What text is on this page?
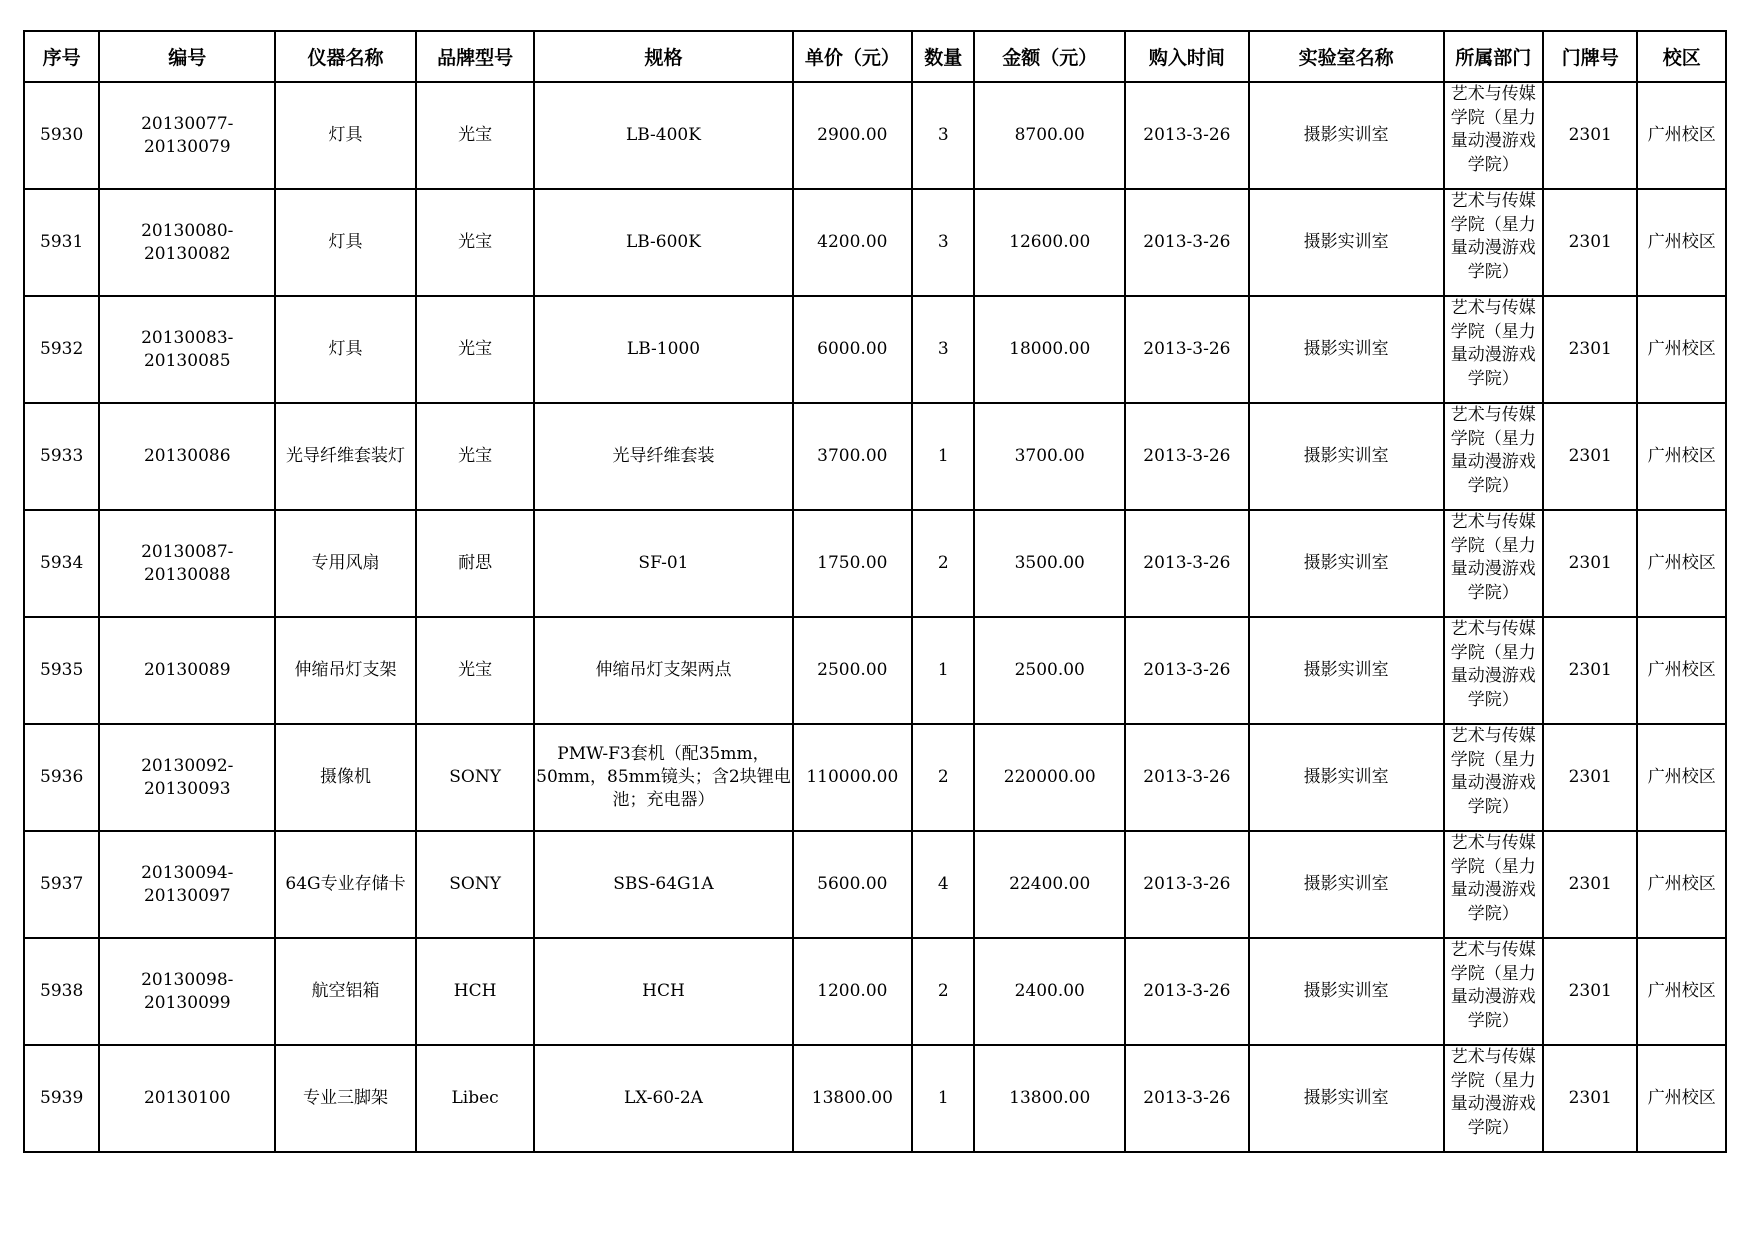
序号	编号	仪器名称	品牌型号	规格	单价（元）	数量	金额（元）	购入时间	实验室名称	所属部门	门牌号	校区
5930	20130077-20130079	灯具	光宝	LB-400K	2900.00	3	8700.00	2013-3-26	摄影实训室	艺术与传媒学院（星力量动漫游戏学院）	2301	广州校区
5931	20130080-20130082	灯具	光宝	LB-600K	4200.00	3	12600.00	2013-3-26	摄影实训室	艺术与传媒学院（星力量动漫游戏学院）	2301	广州校区
5932	20130083-20130085	灯具	光宝	LB-1000	6000.00	3	18000.00	2013-3-26	摄影实训室	艺术与传媒学院（星力量动漫游戏学院）	2301	广州校区
5933	20130086	光导纤维套装灯	光宝	光导纤维套装	3700.00	1	3700.00	2013-3-26	摄影实训室	艺术与传媒学院（星力量动漫游戏学院）	2301	广州校区
5934	20130087-20130088	专用风扇	耐思	SF-01	1750.00	2	3500.00	2013-3-26	摄影实训室	艺术与传媒学院（星力量动漫游戏学院）	2301	广州校区
5935	20130089	伸缩吊灯支架	光宝	伸缩吊灯支架两点	2500.00	1	2500.00	2013-3-26	摄影实训室	艺术与传媒学院（星力量动漫游戏学院）	2301	广州校区
5936	20130092-20130093	摄像机	SONY	PMW-F3套机（配35mm，50mm，85mm镜头；含2块锂电池；充电器）	110000.00	2	220000.00	2013-3-26	摄影实训室	艺术与传媒学院（星力量动漫游戏学院）	2301	广州校区
5937	20130094-20130097	64G专业存储卡	SONY	SBS-64G1A	5600.00	4	22400.00	2013-3-26	摄影实训室	艺术与传媒学院（星力量动漫游戏学院）	2301	广州校区
5938	20130098-20130099	航空铝箱	HCH	HCH	1200.00	2	2400.00	2013-3-26	摄影实训室	艺术与传媒学院（星力量动漫游戏学院）	2301	广州校区
5939	20130100	专业三脚架	Libec	LX-60-2A	13800.00	1	13800.00	2013-3-26	摄影实训室	艺术与传媒学院（星力量动漫游戏学院）	2301	广州校区
